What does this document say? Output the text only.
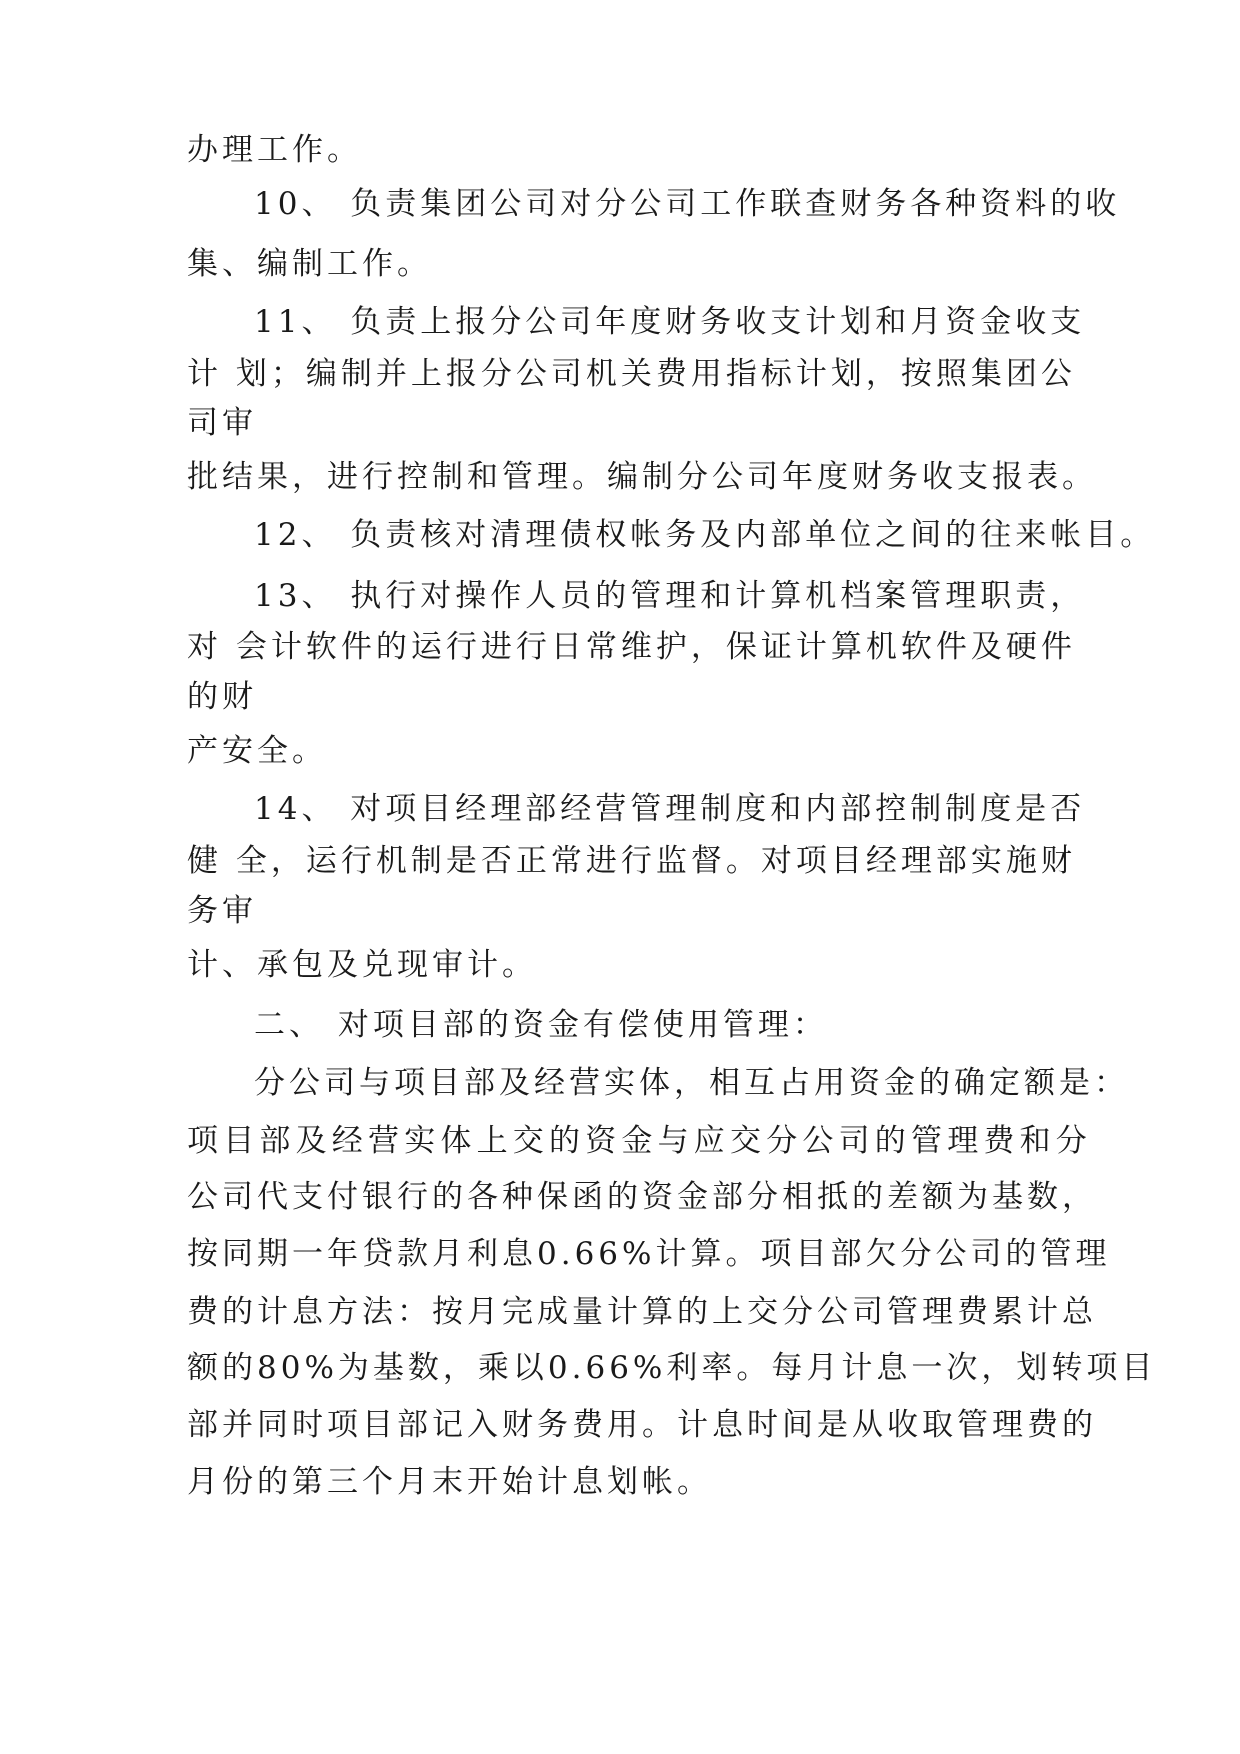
办理工作。
10、 负责集团公司对分公司工作联查财务各种资料的收
集、编制工作。
11、 负责上报分公司年度财务收支计划和月资金收支
计 划；编制并上报分公司机关费用指标计划，按照集团公
司审
批结果，进行控制和管理。编制分公司年度财务收支报表。
12、 负责核对清理债权帐务及内部单位之间的往来帐目。
13、 执行对操作人员的管理和计算机档案管理职责，
对 会计软件的运行进行日常维护，保证计算机软件及硬件
的财
产安全。
14、 对项目经理部经营管理制度和内部控制制度是否
健 全，运行机制是否正常进行监督。对项目经理部实施财
务审
计、承包及兑现审计。
二、 对项目部的资金有偿使用管理：
分公司与项目部及经营实体，相互占用资金的确定额是：
项目部及经营实体上交的资金与应交分公司的管理费和分
公司代支付银行的各种保函的资金部分相抵的差额为基数，
按同期一年贷款月利息0.66%计算。项目部欠分公司的管理
费的计息方法：按月完成量计算的上交分公司管理费累计总
额的80%为基数，乘以0.66%利率。每月计息一次，划转项目
部并同时项目部记入财务费用。计息时间是从收取管理费的
月份的第三个月末开始计息划帐。
